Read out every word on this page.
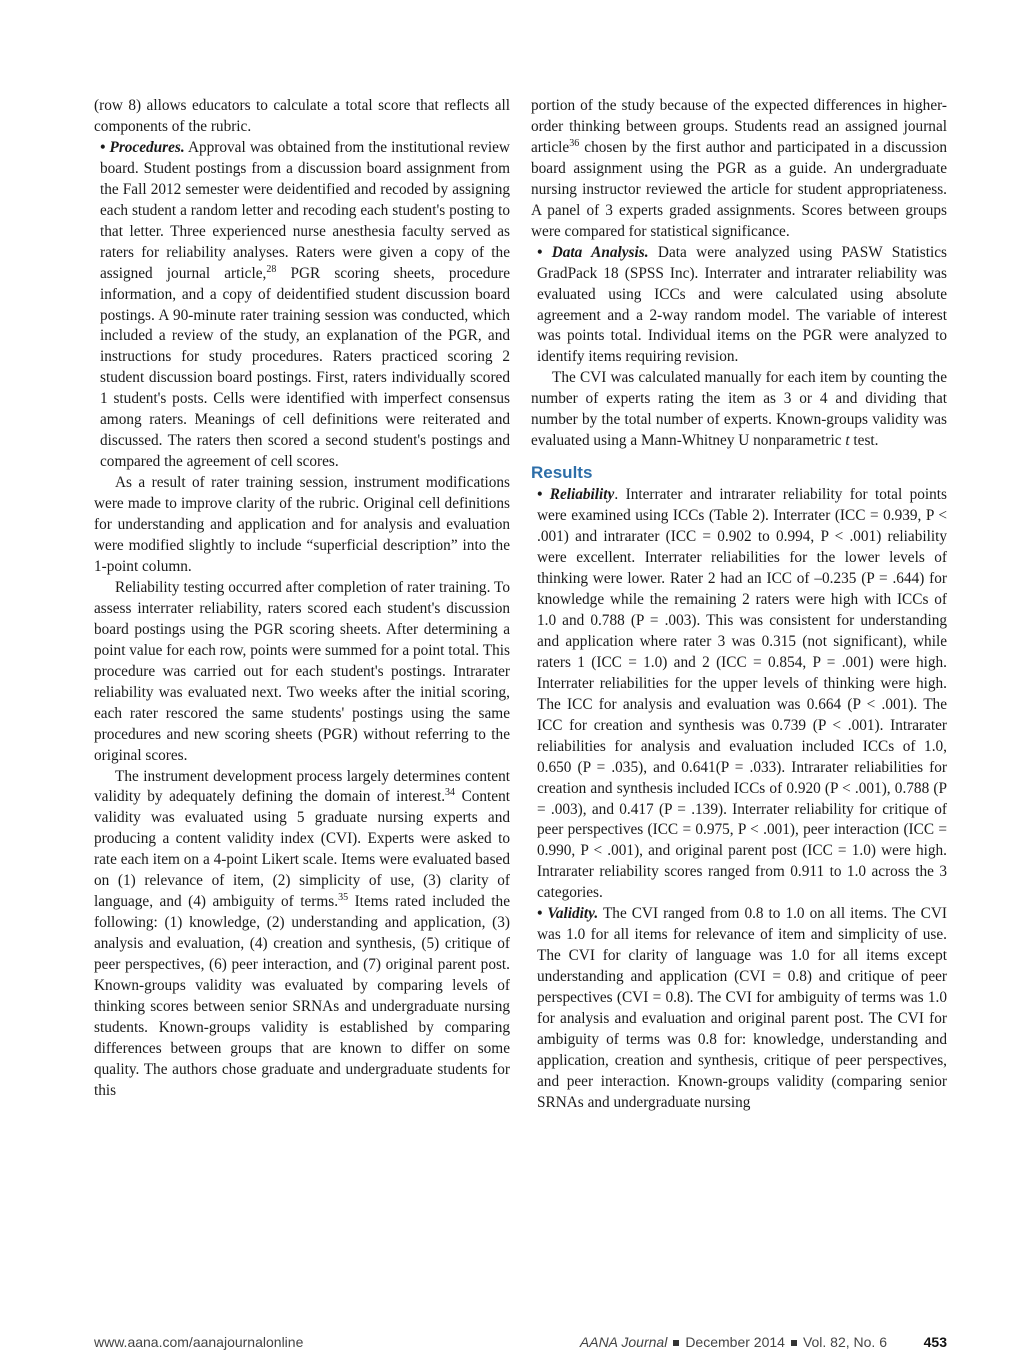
(row 8) allows educators to calculate a total score that reflects all components of the rubric.

• Procedures. Approval was obtained from the institutional review board. Student postings from a discussion board assignment from the Fall 2012 semester were deidentified and recoded by assigning each student a random letter and recoding each student's posting to that letter. Three experienced nurse anesthesia faculty served as raters for reliability analyses. Raters were given a copy of the assigned journal article,$^{28}$ PGR scoring sheets, procedure information, and a copy of deidentified student discussion board postings. A 90-minute rater training session was conducted, which included a review of the study, an explanation of the PGR, and instructions for study procedures. Raters practiced scoring 2 student discussion board postings. First, raters individually scored 1 student's posts. Cells were identified with imperfect consensus among raters. Meanings of cell definitions were reiterated and discussed. The raters then scored a second student's postings and compared the agreement of cell scores.

As a result of rater training session, instrument modifications were made to improve clarity of the rubric. Original cell definitions for understanding and application and for analysis and evaluation were modified slightly to include “superficial description” into the 1-point column.

Reliability testing occurred after completion of rater training. To assess interrater reliability, raters scored each student's discussion board postings using the PGR scoring sheets. After determining a point value for each row, points were summed for a point total. This procedure was carried out for each student's postings. Intrarater reliability was evaluated next. Two weeks after the initial scoring, each rater rescored the same students' postings using the same procedures and new scoring sheets (PGR) without referring to the original scores.

The instrument development process largely determines content validity by adequately defining the domain of interest.$^{34}$ Content validity was evaluated using 5 graduate nursing experts and producing a content validity index (CVI). Experts were asked to rate each item on a 4-point Likert scale. Items were evaluated based on (1) relevance of item, (2) simplicity of use, (3) clarity of language, and (4) ambiguity of terms.$^{35}$ Items rated included the following: (1) knowledge, (2) understanding and application, (3) analysis and evaluation, (4) creation and synthesis, (5) critique of peer perspectives, (6) peer interaction, and (7) original parent post. Known-groups validity was evaluated by comparing levels of thinking scores between senior SRNAs and undergraduate nursing students. Known-groups validity is established by comparing differences between groups that are known to differ on some quality. The authors chose graduate and undergraduate students for this

portion of the study because of the expected differences in higher-order thinking between groups. Students read an assigned journal article$^{36}$ chosen by the first author and participated in a discussion board assignment using the PGR as a guide. An undergraduate nursing instructor reviewed the article for student appropriateness. A panel of 3 experts graded assignments. Scores between groups were compared for statistical significance.

• Data Analysis. Data were analyzed using PASW Statistics GradPack 18 (SPSS Inc). Interrater and intrarater reliability was evaluated using ICCs and were calculated using absolute agreement and a 2-way random model. The variable of interest was points total. Individual items on the PGR were analyzed to identify items requiring revision.

The CVI was calculated manually for each item by counting the number of experts rating the item as 3 or 4 and dividing that number by the total number of experts. Known-groups validity was evaluated using a Mann-Whitney U nonparametric t test.

Results

• Reliability. Interrater and intrarater reliability for total points were examined using ICCs (Table 2). Interrater (ICC = 0.939, P < .001) and intrarater (ICC = 0.902 to 0.994, P < .001) reliability were excellent. Interrater reliabilities for the lower levels of thinking were lower. Rater 2 had an ICC of –0.235 (P = .644) for knowledge while the remaining 2 raters were high with ICCs of 1.0 and 0.788 (P = .003). This was consistent for understanding and application where rater 3 was 0.315 (not significant), while raters 1 (ICC = 1.0) and 2 (ICC = 0.854, P = .001) were high. Interrater reliabilities for the upper levels of thinking were high. The ICC for analysis and evaluation was 0.664 (P < .001). The ICC for creation and synthesis was 0.739 (P < .001). Intrarater reliabilities for analysis and evaluation included ICCs of 1.0, 0.650 (P = .035), and 0.641(P = .033). Intrarater reliabilities for creation and synthesis included ICCs of 0.920 (P < .001), 0.788 (P = .003), and 0.417 (P = .139). Interrater reliability for critique of peer perspectives (ICC = 0.975, P < .001), peer interaction (ICC = 0.990, P < .001), and original parent post (ICC = 1.0) were high. Intrarater reliability scores ranged from 0.911 to 1.0 across the 3 categories.

• Validity. The CVI ranged from 0.8 to 1.0 on all items. The CVI was 1.0 for all items for relevance of item and simplicity of use. The CVI for clarity of language was 1.0 for all items except understanding and application (CVI = 0.8) and critique of peer perspectives (CVI = 0.8). The CVI for ambiguity of terms was 1.0 for analysis and evaluation and original parent post. The CVI for ambiguity of terms was 0.8 for: knowledge, understanding and application, creation and synthesis, critique of peer perspectives, and peer interaction. Known-groups validity (comparing senior SRNAs and undergraduate nursing

www.aana.com/aanajournalonline	AANA Journal December 2014 Vol. 82, No. 6	453
